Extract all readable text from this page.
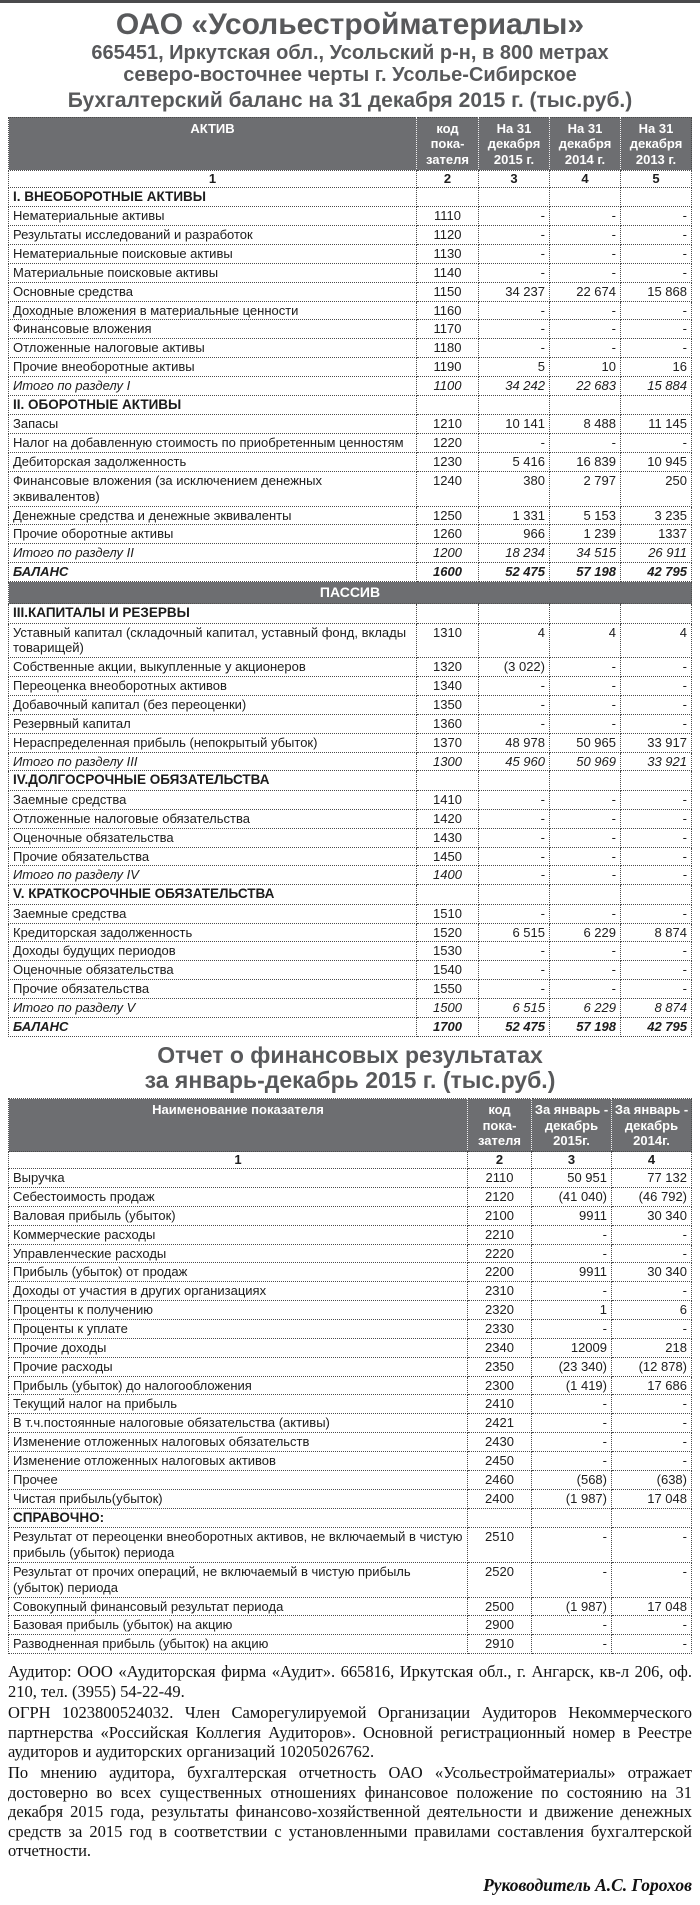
ОАО «Усольестройматериалы»
665451, Иркутская обл., Усольский р-н, в 800 метрах
северо-восточнее черты г. Усолье-Сибирское
Бухгалтерский баланс на 31 декабря 2015 г. (тыс.руб.)
АКТИВ	код пока- зателя	На 31 декабря 2015 г.	На 31 декабря 2014 г.	На 31 декабря 2013 г.
1	2	3	4	5
I. ВНЕОБОРОТНЫЕ АКТИВЫ				
Нематериальные активы	1110	-	-	-
Результаты исследований и разработок	1120	-	-	-
Нематериальные поисковые активы	1130	-	-	-
Материальные поисковые активы	1140	-	-	-
Основные средства	1150	34 237	22 674	15 868
Доходные вложения в материальные ценности	1160	-	-	-
Финансовые вложения	1170	-	-	-
Отложенные налоговые активы	1180	-	-	-
Прочие внеоборотные активы	1190	5	10	16
Итого по разделу I	1100	34 242	22 683	15 884
II. ОБОРОТНЫЕ АКТИВЫ				
Запасы	1210	10 141	8 488	11 145
Налог на добавленную стоимость по приобретенным ценностям	1220	-	-	-
Дебиторская задолженность	1230	5 416	16 839	10 945
Финансовые вложения (за исключением денежных эквивалентов)	1240	380	2 797	250
Денежные средства и денежные эквиваленты	1250	1 331	5 153	3 235
Прочие оборотные активы	1260	966	1 239	1337
Итого по разделу II	1200	18 234	34 515	26 911
БАЛАНС	1600	52 475	57 198	42 795
ПАССИВ				
III.КАПИТАЛЫ И РЕЗЕРВЫ				
Уставный капитал (складочный капитал, уставный фонд, вклады товарищей)	1310	4	4	4
Собственные акции, выкупленные у акционеров	1320	(3 022)	-	-
Переоценка внеоборотных активов	1340	-	-	-
Добавочный капитал (без переоценки)	1350	-	-	-
Резервный капитал	1360	-	-	-
Нераспределенная прибыль (непокрытый убыток)	1370	48 978	50 965	33 917
Итого по разделу III	1300	45 960	50 969	33 921
IV.ДОЛГОСРОЧНЫЕ ОБЯЗАТЕЛЬСТВА				
Заемные средства	1410	-	-	-
Отложенные налоговые обязательства	1420	-	-	-
Оценочные обязательства	1430	-	-	-
Прочие обязательства	1450	-	-	-
Итого по разделу IV	1400	-	-	-
V. КРАТКОСРОЧНЫЕ ОБЯЗАТЕЛЬСТВА				
Заемные средства	1510	-	-	-
Кредиторская задолженность	1520	6 515	6 229	8 874
Доходы будущих периодов	1530	-	-	-
Оценочные обязательства	1540	-	-	-
Прочие обязательства	1550	-	-	-
Итого по разделу V	1500	6 515	6 229	8 874
БАЛАНС	1700	52 475	57 198	42 795
Отчет о финансовых результатах
за январь-декабрь 2015 г. (тыс.руб.)
Наименование показателя	код пока- зателя	За январь - декабрь 2015г.	За январь - декабрь 2014г.
1	2	3	4
Выручка	2110	50 951	77 132
Себестоимость продаж	2120	(41 040)	(46 792)
Валовая прибыль (убыток)	2100	9911	30 340
Коммерческие расходы	2210	-	-
Управленческие расходы	2220	-	-
Прибыль (убыток) от продаж	2200	9911	30 340
Доходы от участия в других организациях	2310	-	-
Проценты к получению	2320	1	6
Проценты к уплате	2330	-	-
Прочие доходы	2340	12009	218
Прочие расходы	2350	(23 340)	(12 878)
Прибыль (убыток) до налогообложения	2300	(1 419)	17 686
Текущий налог на прибыль	2410	-	-
В т.ч.постоянные налоговые обязательства (активы)	2421	-	-
Изменение отложенных налоговых обязательств	2430	-	-
Изменение отложенных налоговых активов	2450	-	-
Прочее	2460	(568)	(638)
Чистая прибыль(убыток)	2400	(1 987)	17 048
СПРАВОЧНО:			
Результат от переоценки внеоборотных активов, не включаемый в чистую прибыль (убыток) периода	2510	-	-
Результат от прочих операций, не включаемый в чистую прибыль (убыток) периода	2520	-	-
Совокупный финансовый результат периода	2500	(1 987)	17 048
Базовая прибыль (убыток) на акцию	2900	-	-
Разводненная прибыль (убыток) на акцию	2910	-	-

Аудитор: ООО «Аудиторская фирма «Аудит». 665816, Иркутская обл., г. Ангарск, кв-л 206, оф. 210, тел. (3955) 54-22-49.

ОГРН 1023800524032. Член Саморегулируемой Организации Аудиторов Некоммерческого партнерства «Российская Коллегия Аудиторов». Основной регистрационный номер в Реестре аудиторов и аудиторских организаций 10205026762.

По мнению аудитора, бухгалтерская отчетность ОАО «Усольестройматериалы» отражает достоверно во всех существенных отношениях финансовое положение по состоянию на 31 декабря 2015 года, результаты финансово-хозяйственной деятельности и движение денежных средств за 2015 год в соответствии с установленными правилами составления бухгалтерской отчетности.

Руководитель А.С. Горохов
